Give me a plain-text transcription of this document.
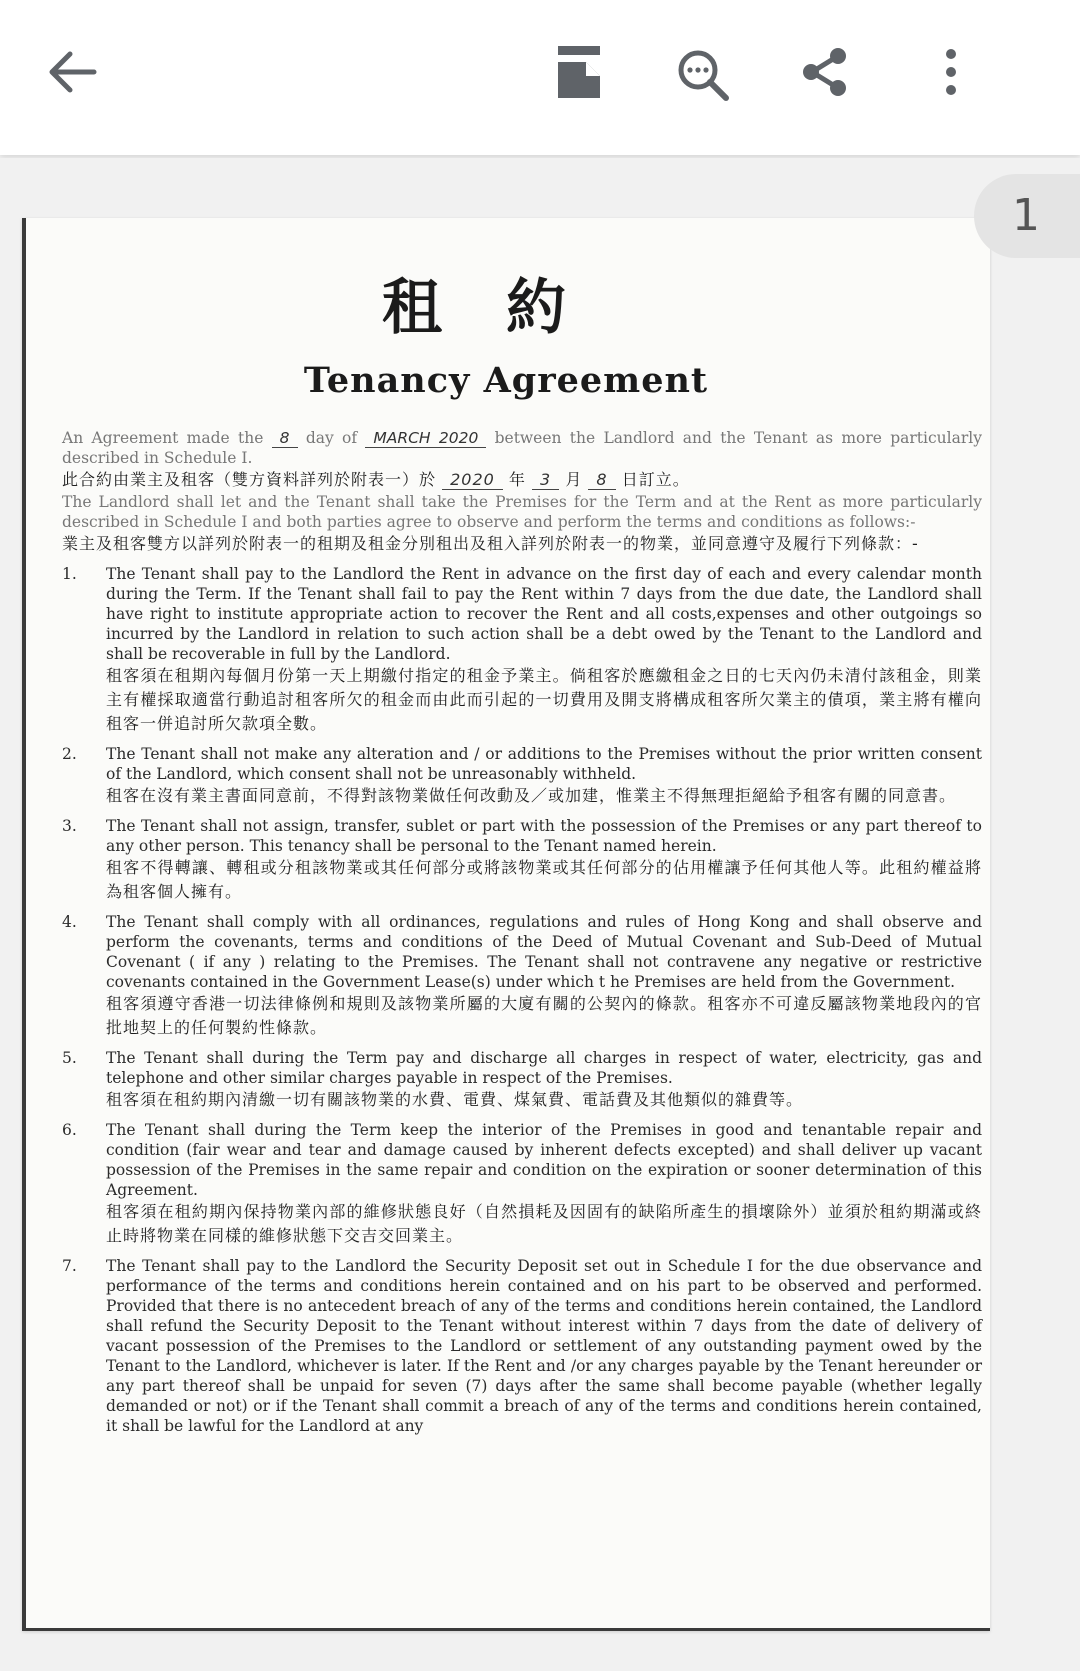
租約
Tenancy Agreement

An Agreement made the 8 day of MARCH 2020 between the Landlord and the Tenant as more particularly described in Schedule I.

此合約由業主及租客（雙方資料詳列於附表一）於 2020 年 3 月 8 日訂立。

The Landlord shall let and the Tenant shall take the Premises for the Term and at the Rent as more particularly described in Schedule I and both parties agree to observe and perform the terms and conditions as follows:-

業主及租客雙方以詳列於附表一的租期及租金分別租出及租入詳列於附表一的物業，並同意遵守及履行下列條款：-

1.	The Tenant shall pay to the Landlord the Rent in advance on the first day of each and every calendar month during the Term. If the Tenant shall fail to pay the Rent within 7 days from the due date, the Landlord shall have right to institute appropriate action to recover the Rent and all costs,expenses and other outgoings so incurred by the Landlord in relation to such action shall be a debt owed by the Tenant to the Landlord and shall be recoverable in full by the Landlord.

租客須在租期內每個月份第一天上期繳付指定的租金予業主。倘租客於應繳租金之日的七天內仍未清付該租金，則業主有權採取適當行動追討租客所欠的租金而由此而引起的一切費用及開支將構成租客所欠業主的債項，業主將有權向租客一併追討所欠款項全數。

2.	The Tenant shall not make any alteration and / or additions to the Premises without the prior written consent of the Landlord, which consent shall not be unreasonably withheld.

租客在沒有業主書面同意前，不得對該物業做任何改動及／或加建，惟業主不得無理拒絕給予租客有關的同意書。

3.	The Tenant shall not assign, transfer, sublet or part with the possession of the Premises or any part thereof to any other person. This tenancy shall be personal to the Tenant named herein.

租客不得轉讓、轉租或分租該物業或其任何部分或將該物業或其任何部分的佔用權讓予任何其他人等。此租約權益將為租客個人擁有。

4.	The Tenant shall comply with all ordinances, regulations and rules of Hong Kong and shall observe and perform the covenants, terms and conditions of the Deed of Mutual Covenant and Sub-Deed of Mutual Covenant ( if any ) relating to the Premises. The Tenant shall not contravene any negative or restrictive covenants contained in the Government Lease(s) under which t he Premises are held from the Government.

租客須遵守香港一切法律條例和規則及該物業所屬的大廈有關的公契內的條款。租客亦不可違反屬該物業地段內的官批地契上的任何製約性條款。

5.	The Tenant shall during the Term pay and discharge all charges in respect of water, electricity, gas and telephone and other similar charges payable in respect of the Premises.

租客須在租約期內清繳一切有關該物業的水費、電費、煤氣費、電話費及其他類似的雜費等。

6.	The Tenant shall during the Term keep the interior of the Premises in good and tenantable repair and condition (fair wear and tear and damage caused by inherent defects excepted) and shall deliver up vacant possession of the Premises in the same repair and condition on the expiration or sooner determination of this Agreement.

租客須在租約期內保持物業內部的維修狀態良好（自然損耗及因固有的缺陷所產生的損壞除外）並須於租約期滿或終止時將物業在同樣的維修狀態下交吉交回業主。

7.	The Tenant shall pay to the Landlord the Security Deposit set out in Schedule I for the due observance and performance of the terms and conditions herein contained and on his part to be observed and performed. Provided that there is no antecedent breach of any of the terms and conditions herein contained, the Landlord shall refund the Security Deposit to the Tenant without interest within 7 days from the date of delivery of vacant possession of the Premises to the Landlord or settlement of any outstanding payment owed by the Tenant to the Landlord, whichever is later. If the Rent and /or any charges payable by the Tenant hereunder or any part thereof shall be unpaid for seven (7) days after the same shall become payable (whether legally demanded or not) or if the Tenant shall commit a breach of any of the terms and conditions herein contained, it shall be lawful for the Landlord at any

1
